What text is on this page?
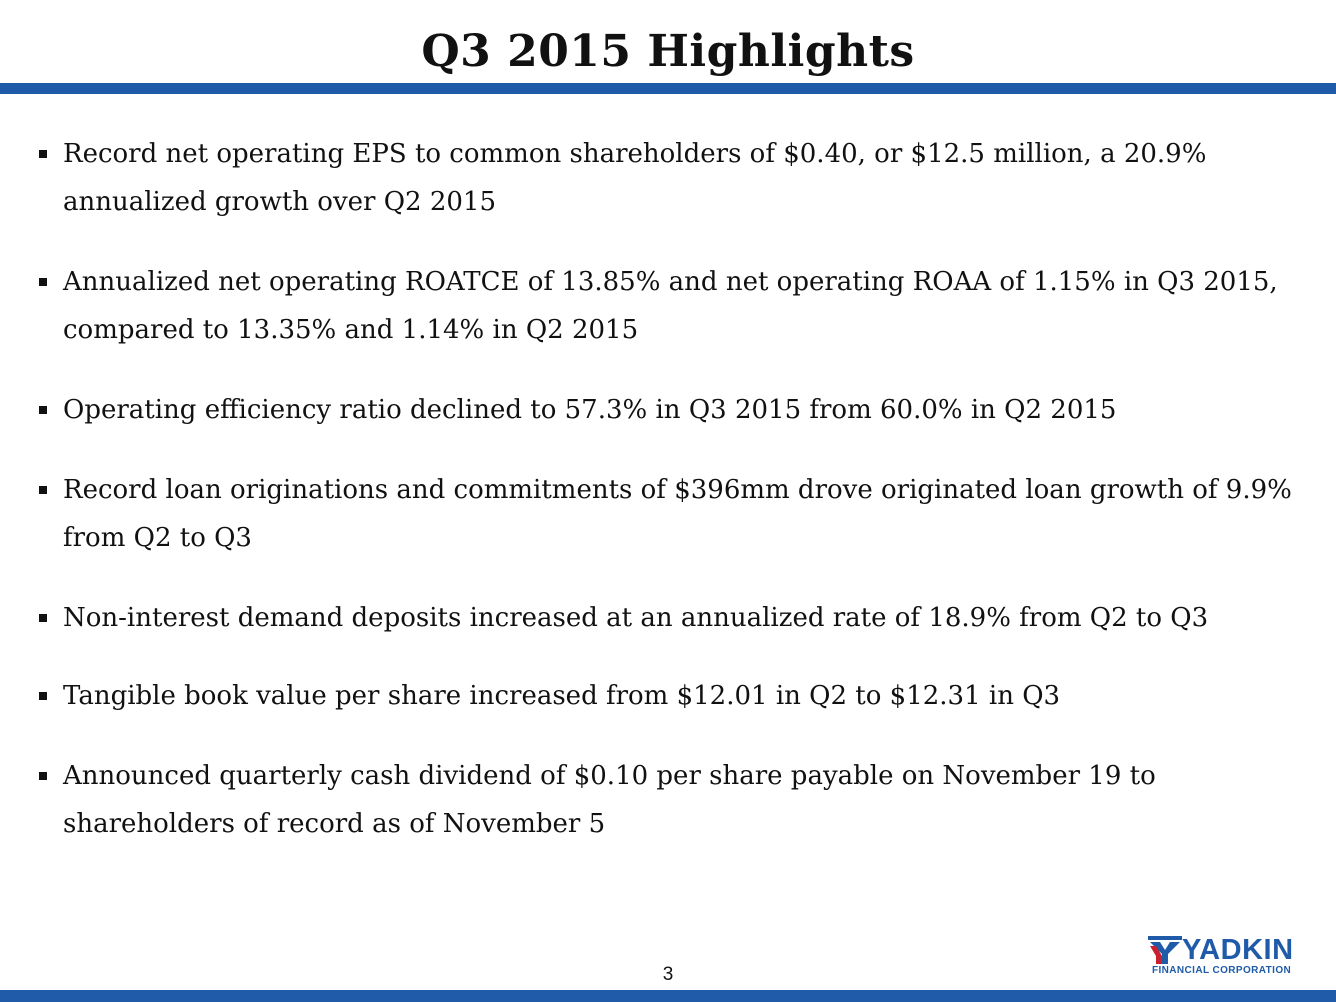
Q3 2015 Highlights

Record net operating EPS to common shareholders of $0.40, or $12.5 million, a 20.9% annualized growth over Q2 2015

Annualized net operating ROATCE of 13.85% and net operating ROAA of 1.15% in Q3 2015, compared to 13.35% and 1.14% in Q2 2015

Operating efficiency ratio declined to 57.3% in Q3 2015 from 60.0% in Q2 2015

Record loan originations and commitments of $396mm drove originated loan growth of 9.9% from Q2 to Q3

Non-interest demand deposits increased at an annualized rate of 18.9% from Q2 to Q3

Tangible book value per share increased from $12.01 in Q2 to $12.31 in Q3

Announced quarterly cash dividend of $0.10 per share payable on November 19 to shareholders of record as of November 5

3
YADKIN
FINANCIAL CORPORATION
